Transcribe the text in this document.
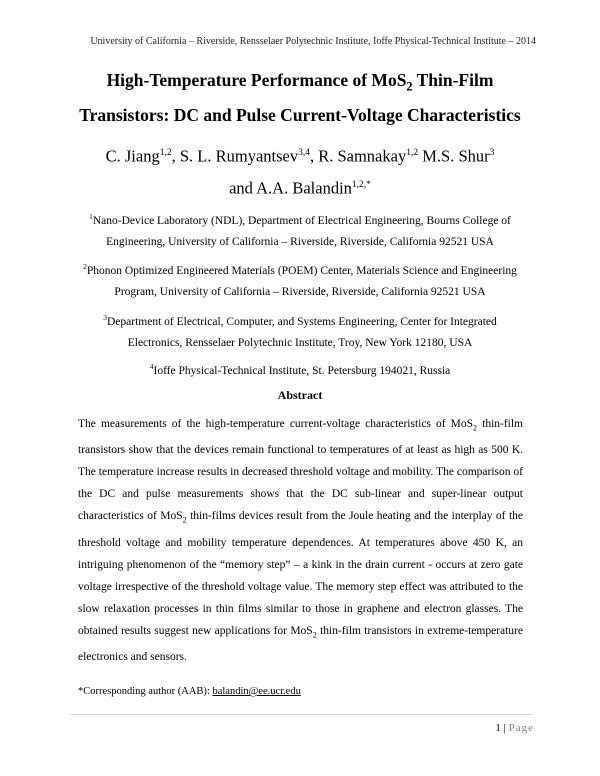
University of California – Riverside, Rensselaer Polytechnic Institute, Ioffe Physical-Technical Institute – 2014
High-Temperature Performance of MoS$_2$ Thin-Film
Transistors: DC and Pulse Current-Voltage Characteristics
C. Jiang$^{1,2}$, S. L. Rumyantsev$^{3,4}$, R. Samnakay$^{1,2}$ M.S. Shur$^3$
and A.A. Balandin$^{1,2,*}$
$^1$Nano-Device Laboratory (NDL), Department of Electrical Engineering, Bourns College of
Engineering, University of California – Riverside, Riverside, California 92521 USA
$^2$Phonon Optimized Engineered Materials (POEM) Center, Materials Science and Engineering
Program, University of California – Riverside, Riverside, California 92521 USA
$^3$Department of Electrical, Computer, and Systems Engineering, Center for Integrated
Electronics, Rensselaer Polytechnic Institute, Troy, New York 12180, USA
$^4$Ioffe Physical-Technical Institute, St. Petersburg 194021, Russia
Abstract
The measurements of the high-temperature current-voltage characteristics of MoS$_2$ thin-film transistors show that the devices remain functional to temperatures of at least as high as 500 K. The temperature increase results in decreased threshold voltage and mobility. The comparison of the DC and pulse measurements shows that the DC sub-linear and super-linear output characteristics of MoS$_2$ thin-films devices result from the Joule heating and the interplay of the threshold voltage and mobility temperature dependences. At temperatures above 450 K, an intriguing phenomenon of the “memory step” – a kink in the drain current - occurs at zero gate voltage irrespective of the threshold voltage value. The memory step effect was attributed to the slow relaxation processes in thin films similar to those in graphene and electron glasses. The obtained results suggest new applications for MoS$_2$ thin-film transistors in extreme-temperature electronics and sensors.
*Corresponding author (AAB): balandin@ee.ucr.edu
1 | Page
